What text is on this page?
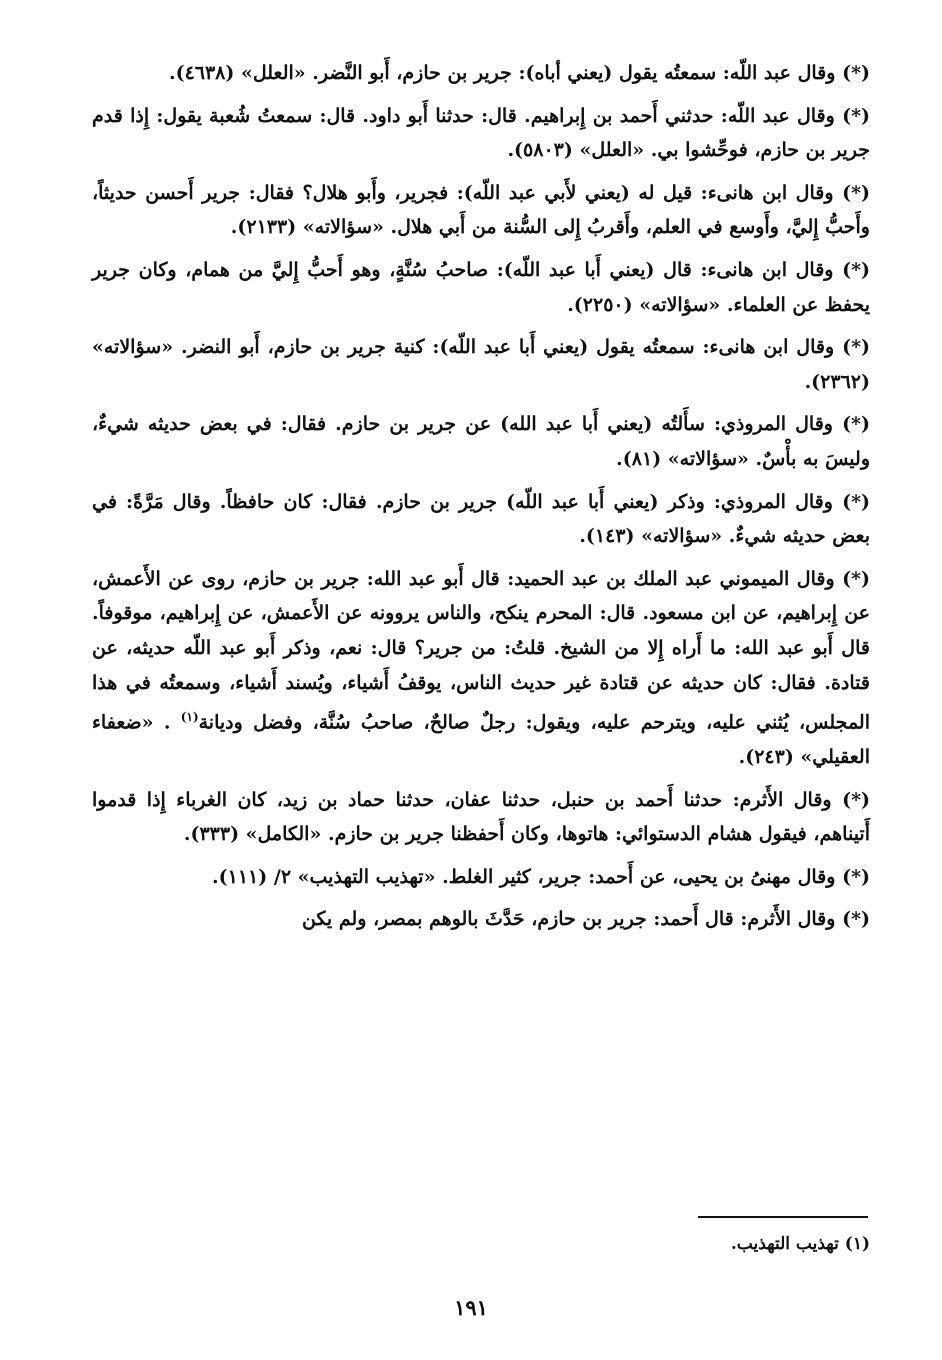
(*) وقال عبد اللّه: سمعتُه يقول (يعني أباه): جرير بن حازم، أَبو النَّضر. «العلل» (٤٦٣٨).

(*) وقال عبد اللّه: حدثني أَحمد بن إِبراهيم. قال: حدثنا أَبو داود. قال: سمعتُ شُعبة يقول: إِذا قدم جرير بن حازم، فوحِّشوا بي. «العلل» (٥٨٠٣).

(*) وقال ابن هانىء: قيل له (يعني لأَبي عبد اللّه): فجرير، وأَبو هلال؟ فقال: جرير أَحسن حديثاً، وأَحبُّ إِليَّ، وأَوسع في العلم، وأَقربُ إِلى السُّنة من أَبي هلال. «سؤالاته» (٢١٣٣).

(*) وقال ابن هانىء: قال (يعني أَبا عبد اللّه): صاحبُ سُنَّةٍ، وهو أَحبُّ إِليَّ من همام، وكان جرير يحفظ عن العلماء. «سؤالاته» (٢٢٥٠).

(*) وقال ابن هانىء: سمعتُه يقول (يعني أَبا عبد اللّه): كنية جرير بن حازم، أَبو النضر. «سؤالاته» (٢٣٦٢).

(*) وقال المروذي: سأَلتُه (يعني أَبا عبد الله) عن جرير بن حازم. فقال: في بعض حديثه شيءٌ، وليسَ به بأْسٌ. «سؤالاته» (٨١).

(*) وقال المروذي: وذكر (يعني أَبا عبد اللّه) جرير بن حازم. فقال: كان حافظاً. وقال مَرَّةً: في بعض حديثه شيءٌ. «سؤالاته» (١٤٣).

(*) وقال الميموني عبد الملك بن عبد الحميد: قال أَبو عبد الله: جرير بن حازم، روى عن الأَعمش، عن إِبراهيم، عن ابن مسعود. قال: المحرم ينكح، والناس يروونه عن الأَعمش، عن إِبراهيم، موقوفاً. قال أَبو عبد الله: ما أَراه إِلا من الشيخ. قلتُ: من جرير؟ قال: نعم، وذكر أَبو عبد اللّه حديثه، عن قتادة. فقال: كان حديثه عن قتادة غير حديث الناس، يوقفُ أَشياء، ويُسند أَشياء، وسمعتُه في هذا المجلس، يُثني عليه، ويترحم عليه، ويقول: رجلٌ صالحٌ، صاحبُ سُنَّة، وفضل وديانة$^{(١)}$ . «ضعفاء العقيلي» (٢٤٣).

(*) وقال الأَثرم: حدثنا أَحمد بن حنبل، حدثنا عفان، حدثنا حماد بن زيد، كان الغرباء إِذا قدموا أَتيناهم، فيقول هشام الدستوائي: هاتوها، وكان أَحفظنا جرير بن حازم. «الكامل» (٣٣٣).

(*) وقال مهنىُ بن يحيى، عن أَحمد: جرير، كثير الغلط. «تهذيب التهذيب» ٢/ (١١١).

(*) وقال الأَثرم: قال أَحمد: جرير بن حازم، حَدَّثَ بالوهم بمصر، ولم يكن

(١) تهذيب التهذيب.
١٩١
